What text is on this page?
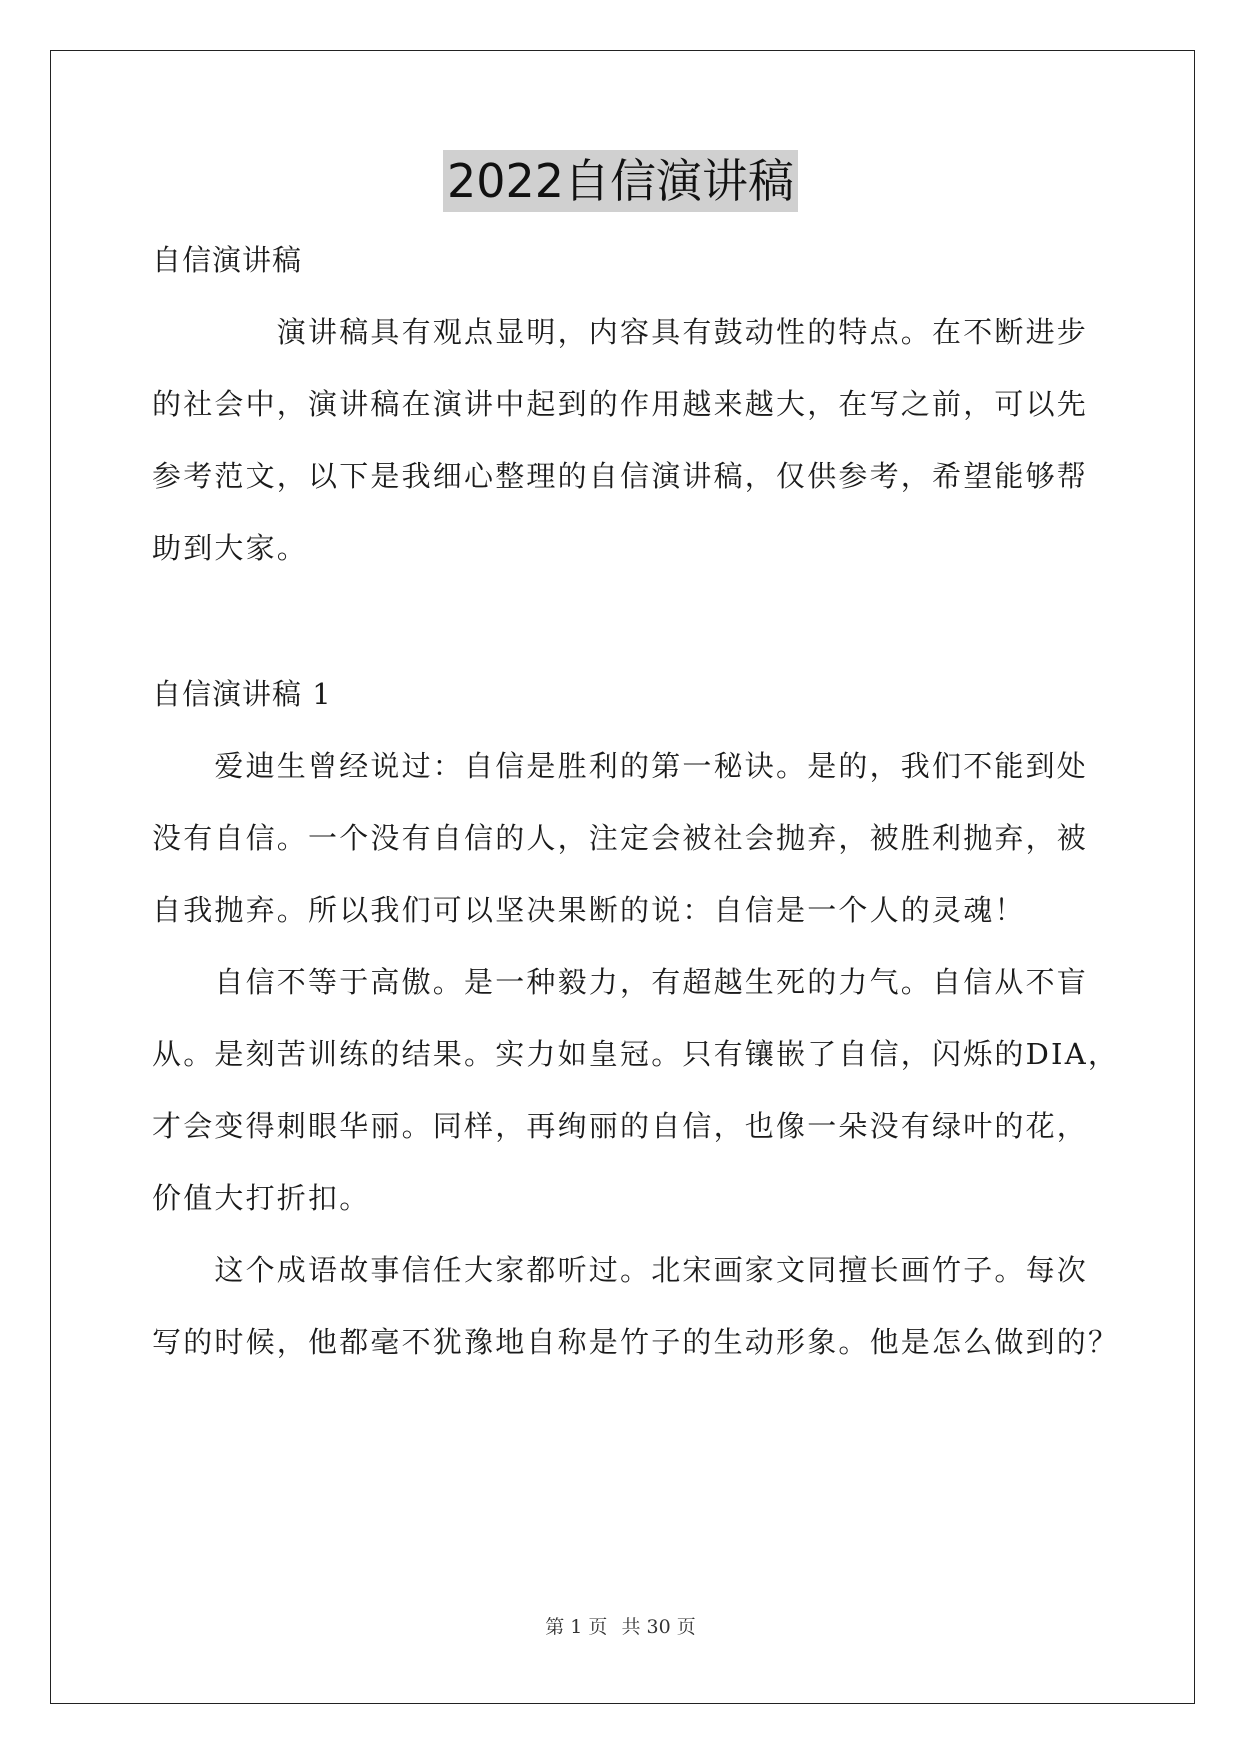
2022自信演讲稿
自信演讲稿
　　　　演讲稿具有观点显明，内容具有鼓动性的特点。在不断进步
的社会中，演讲稿在演讲中起到的作用越来越大，在写之前，可以先
参考范文，以下是我细心整理的自信演讲稿，仅供参考，希望能够帮
助到大家。
自信演讲稿 1
　　爱迪生曾经说过：自信是胜利的第一秘诀。是的，我们不能到处
没有自信。一个没有自信的人，注定会被社会抛弃，被胜利抛弃，被
自我抛弃。所以我们可以坚决果断的说：自信是一个人的灵魂！
　　自信不等于高傲。是一种毅力，有超越生死的力气。自信从不盲
从。是刻苦训练的结果。实力如皇冠。只有镶嵌了自信，闪烁的DIA，
才会变得刺眼华丽。同样，再绚丽的自信，也像一朵没有绿叶的花，
价值大打折扣。
　　这个成语故事信任大家都听过。北宋画家文同擅长画竹子。每次
写的时候，他都毫不犹豫地自称是竹子的生动形象。他是怎么做到的？
第 1 页 共 30 页
